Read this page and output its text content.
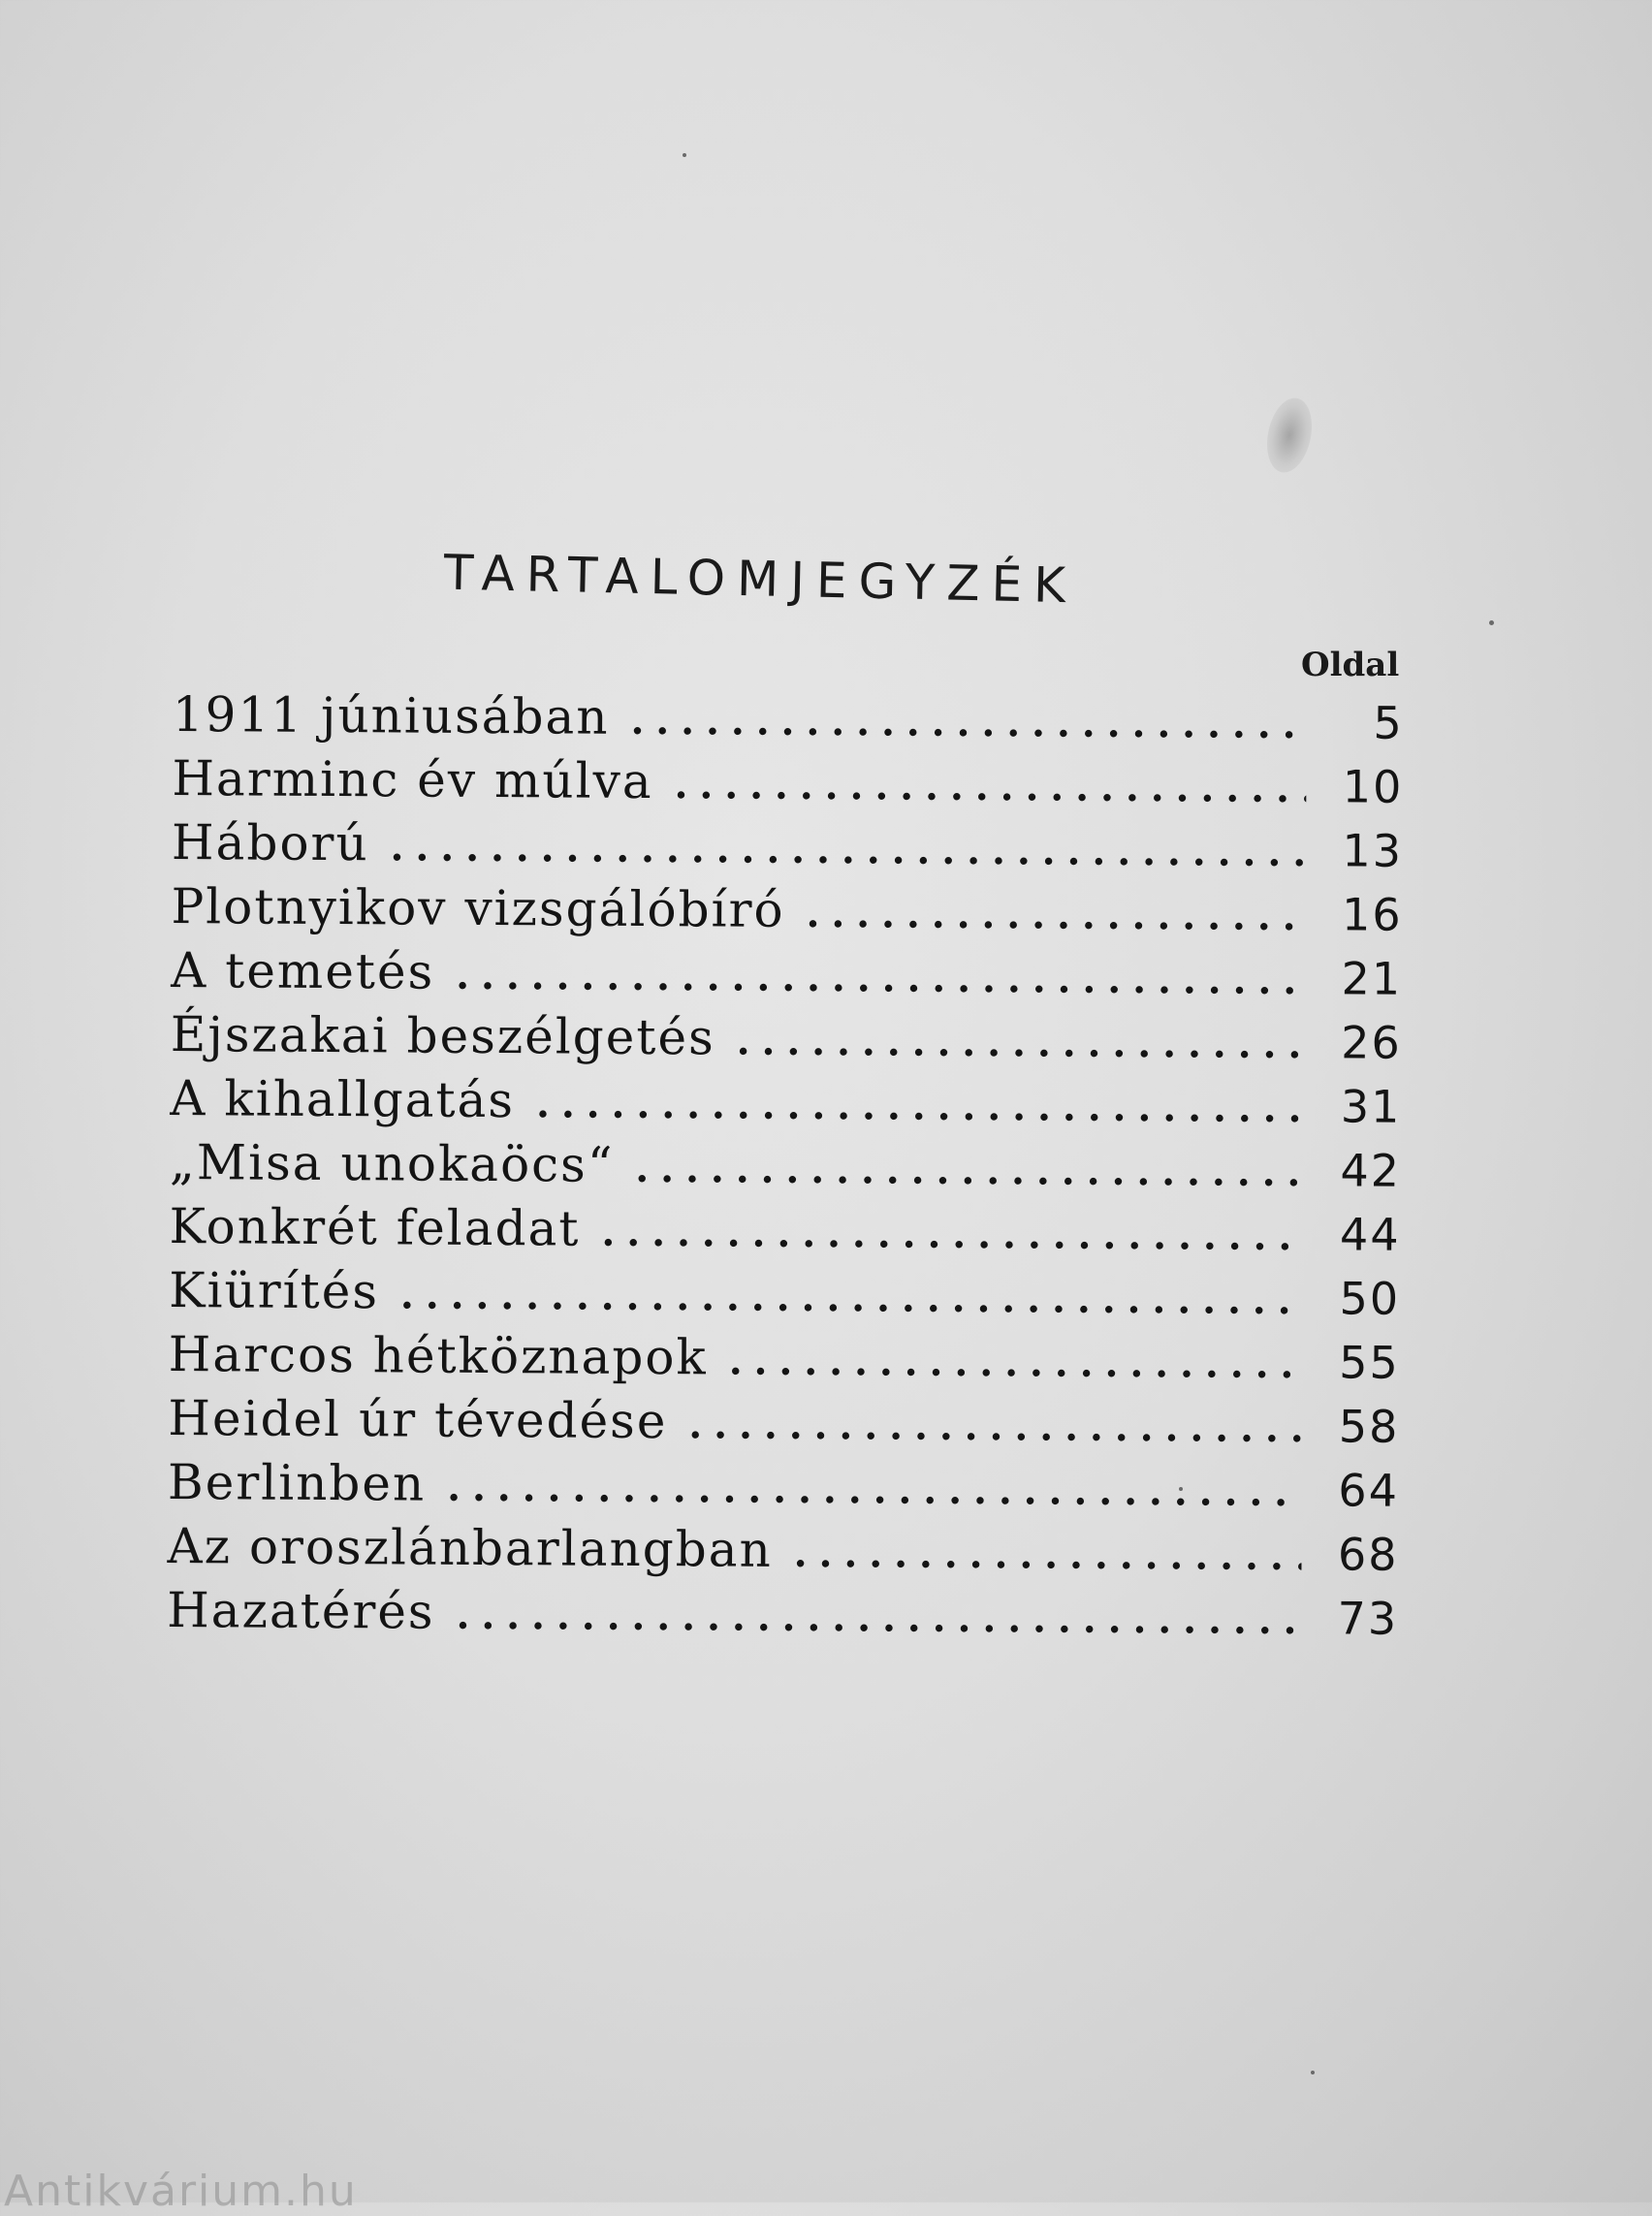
TARTALOMJEGYZÉK
Oldal
1911 júniusában . . .	5
Harminc év múlva . . .	10
Háború . . .	13
Plotnyikov vizsgálóbíró . . .	16
A temetés . . .	21
Éjszakai beszélgetés . . .	26
A kihallgatás . . .	31
„Misa unokaöcs“ . . .	42
Konkrét feladat . . .	44
Kiürítés . . .	50
Harcos hétköznapok . . .	55
Heidel úr tévedése . . .	58
Berlinben . . .	64
Az oroszlánbarlangban . . .	68
Hazatérés . . .	73
Antikvárium.hu
